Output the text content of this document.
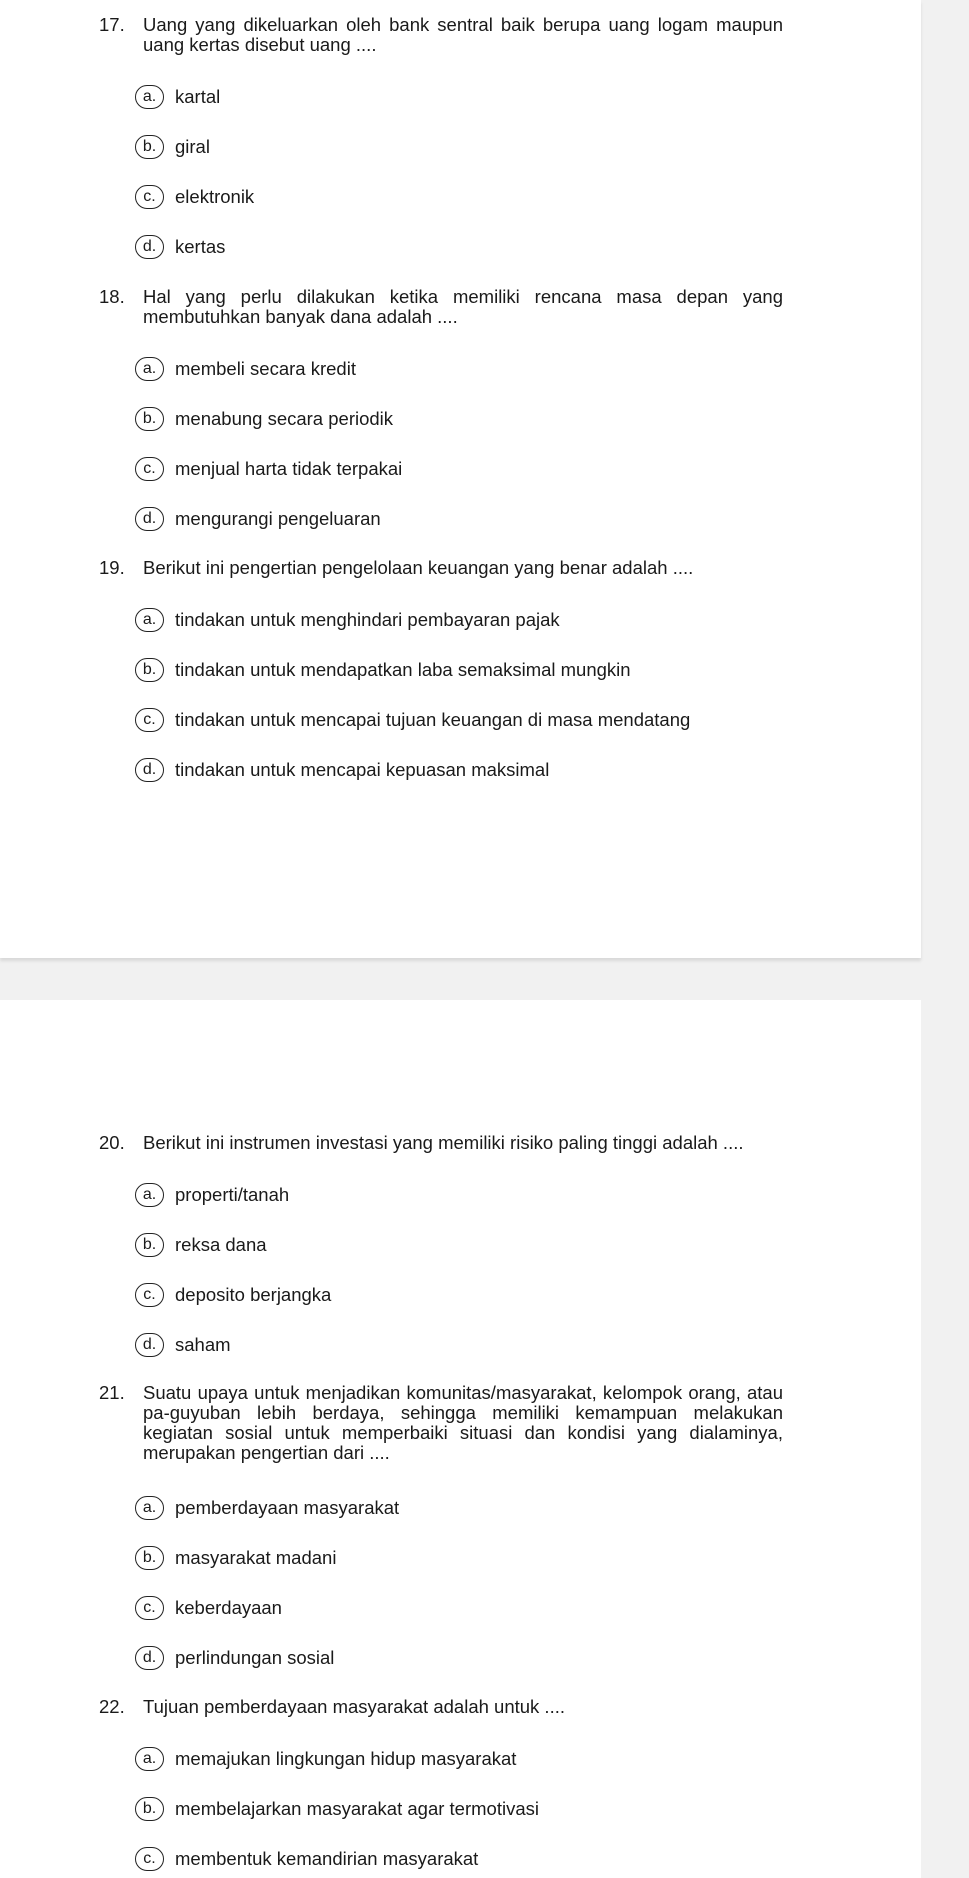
17. Uang yang dikeluarkan oleh bank sentral baik berupa uang logam maupun uang kertas disebut uang ....
a.	kartal
b.	giral
c.	elektronik
d.	kertas
18. Hal yang perlu dilakukan ketika memiliki rencana masa depan yang membutuhkan banyak dana adalah ....
a.	membeli secara kredit
b.	menabung secara periodik
c.	menjual harta tidak terpakai
d.	mengurangi pengeluaran
19. Berikut ini pengertian pengelolaan keuangan yang benar adalah ....
a.	tindakan untuk menghindari pembayaran pajak
b.	tindakan untuk mendapatkan laba semaksimal mungkin
c.	tindakan untuk mencapai tujuan keuangan di masa mendatang
d.	tindakan untuk mencapai kepuasan maksimal
20. Berikut ini instrumen investasi yang memiliki risiko paling tinggi adalah ....
a.	properti/tanah
b.	reksa dana
c.	deposito berjangka
d.	saham
21. Suatu upaya untuk menjadikan komunitas/masyarakat, kelompok orang, atau pa-guyuban lebih berdaya, sehingga memiliki kemampuan melakukan kegiatan sosial untuk memperbaiki situasi dan kondisi yang dialaminya, merupakan pengertian dari ....
a.	pemberdayaan masyarakat
b.	masyarakat madani
c.	keberdayaan
d.	perlindungan sosial
22. Tujuan pemberdayaan masyarakat adalah untuk ....
a.	memajukan lingkungan hidup masyarakat
b.	membelajarkan masyarakat agar termotivasi
c.	membentuk kemandirian masyarakat
